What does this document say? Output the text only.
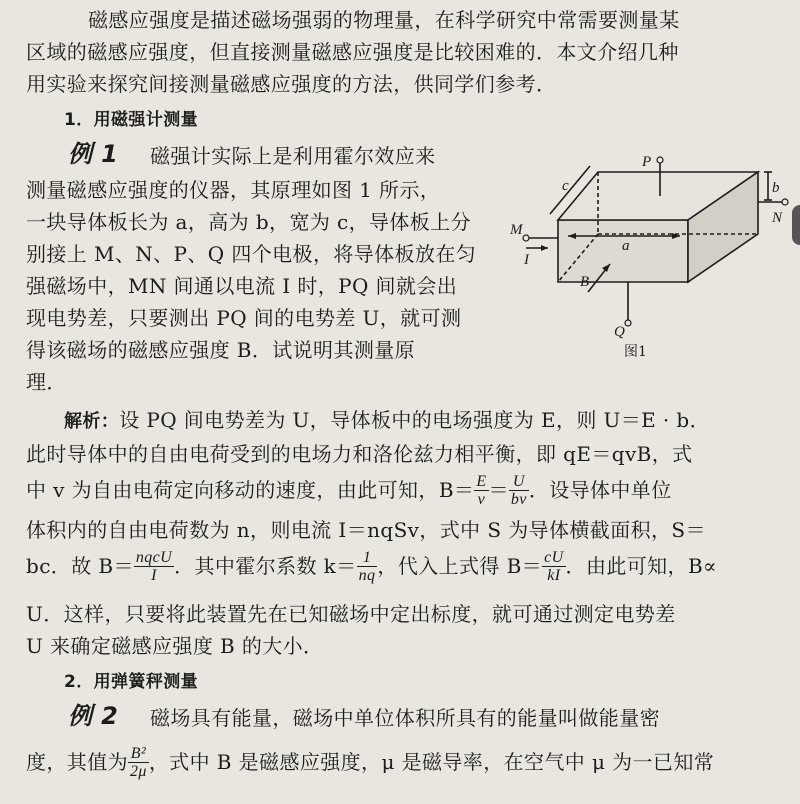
磁感应强度是描述磁场强弱的物理量，在科学研究中常需要测量某
区域的磁感应强度，但直接测量磁感应强度是比较困难的．本文介绍几种
用实验来探究间接测量磁感应强度的方法，供同学们参考．
1．用磁强计测量
例 1 磁强计实际上是利用霍尔效应来
测量磁感应强度的仪器，其原理如图 1 所示，
一块导体板长为 a，高为 b，宽为 c，导体板上分
别接上 M、N、P、Q 四个电极，将导体板放在匀
强磁场中，MN 间通以电流 I 时，PQ 间就会出
现电势差，只要测出 PQ 间的电势差 U，就可测
得该磁场的磁感应强度 B．试说明其测量原
理．
P
Q
M
N
I
a
b
c
B
图1
解析：设 PQ 间电势差为 U，导体板中的电场强度为 E，则 U＝E · b．
此时导体中的自由电荷受到的电场力和洛伦兹力相平衡，即 qE＝qvB，式
中 v 为自由电荷定向移动的速度，由此可知，$B= \frac{E}{v} = \frac{U}{bv}$ ．设导体中单位
体积内的自由电荷数为 n，则电流 I＝nqSv，式中 S 为导体横截面积，S＝
bc．故 $B= \frac{\text{nqcU}}{I}$ ．其中霍尔系数 $k= \frac{1}{nq}$ ，代入上式得 $B= \frac{cU}{kI}$ ．由此可知，B∝
U．这样，只要将此装置先在已知磁场中定出标度，就可通过测定电势差
U 来确定磁感应强度 B 的大小．
2．用弹簧秤测量
例 2 磁场具有能量，磁场中单位体积所具有的能量叫做能量密
度，其值为 $\frac{\text{B²}}{2\mu}$ ，式中 B 是磁感应强度，μ 是磁导率，在空气中 μ 为一已知常
